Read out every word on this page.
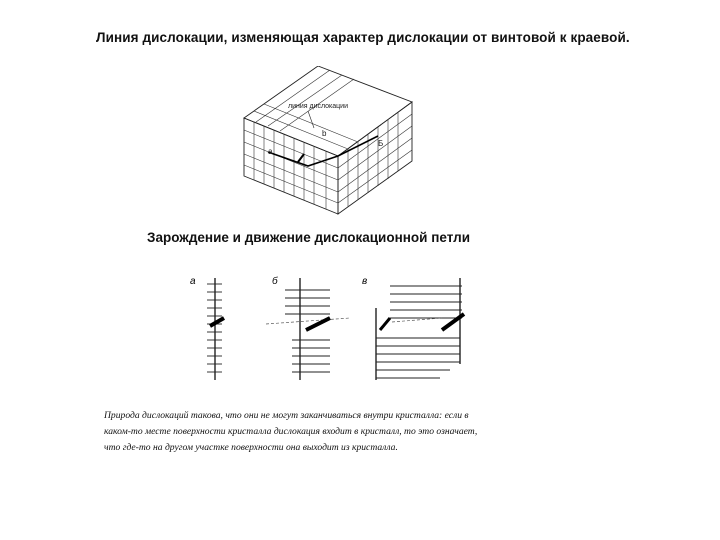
Линия дислокации, изменяющая характер дислокации от винтовой к краевой.
линия дислокации
b
а
Б
Зарождение и движение дислокационной петли
а	б	в
Природа дислокаций такова, что они не могут заканчиваться внутри кристалла: если в
каком-то месте поверхности кристалла дислокация входит в кристалл, то это означает,
что где-то на другом участке поверхности она выходит из кристалла.
